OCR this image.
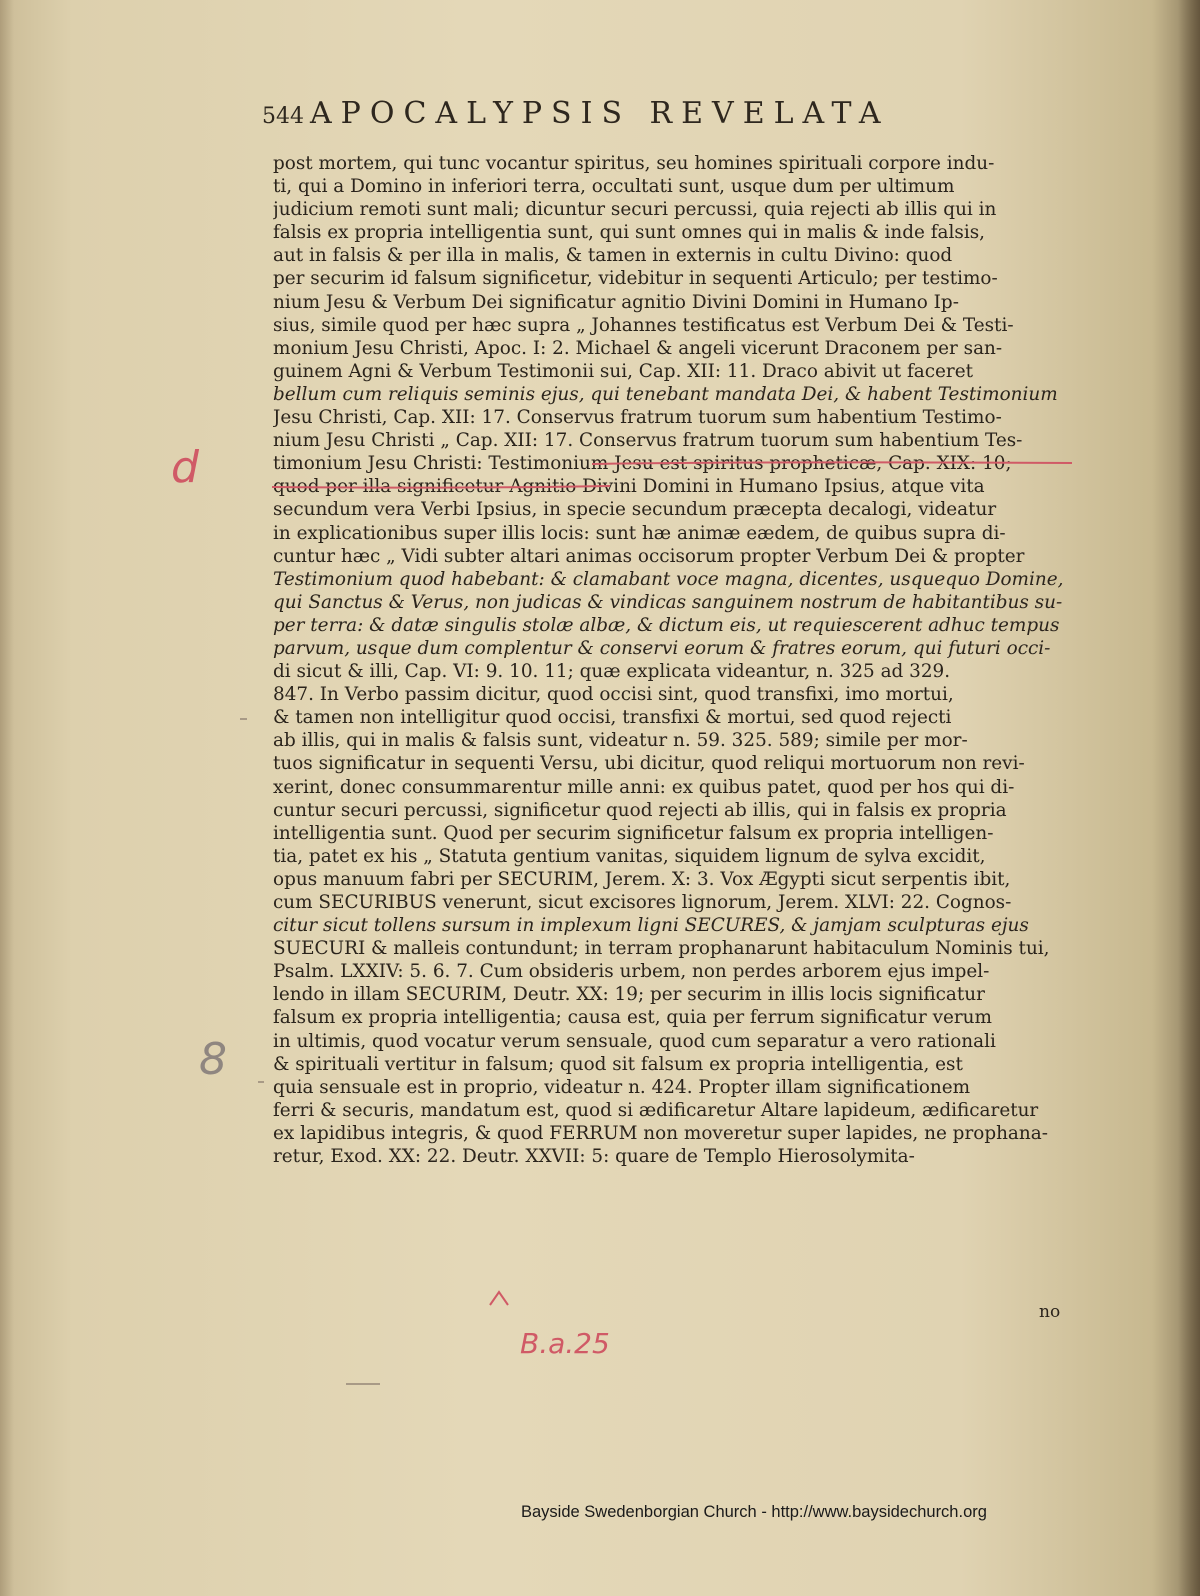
544 APOCALYPSIS REVELATA
post mortem, qui tunc vocantur spiritus, seu homines spirituali corpore indu-
ti, qui a Domino in inferiori terra, occultati sunt, usque dum per ultimum
judicium remoti sunt mali; dicuntur securi percussi, quia rejecti ab illis qui in
falsis ex propria intelligentia sunt, qui sunt omnes qui in malis & inde falsis,
aut in falsis & per illa in malis, & tamen in externis in cultu Divino: quod
per securim id falsum significetur, videbitur in sequenti Articulo; per testimo-
nium Jesu & Verbum Dei significatur agnitio Divini Domini in Humano Ip-
sius, simile quod per hæc supra „ Johannes testificatus est Verbum Dei & Testi-
monium Jesu Christi, Apoc. I: 2. Michael & angeli vicerunt Draconem per san-
guinem Agni & Verbum Testimonii sui, Cap. XII: 11. Draco abivit ut faceret
bellum cum reliquis seminis ejus, qui tenebant mandata Dei, & habent Testimonium
Jesu Christi, Cap. XII: 17. Conservus fratrum tuorum sum habentium Testimo-
nium Jesu Christi „ Cap. XII: 17. Conservus fratrum tuorum sum habentium Tes-
timonium Jesu Christi: Testimonium Jesu est spiritus propheticæ, Cap. XIX: 10;
quod per illa significetur Agnitio Divini Domini in Humano Ipsius, atque vita
secundum vera Verbi Ipsius, in specie secundum præcepta decalogi, videatur
in explicationibus super illis locis: sunt hæ animæ eædem, de quibus supra di-
cuntur hæc „ Vidi subter altari animas occisorum propter Verbum Dei & propter
Testimonium quod habebant: & clamabant voce magna, dicentes, usquequo Domine,
qui Sanctus & Verus, non judicas & vindicas sanguinem nostrum de habitantibus su-
per terra: & datæ singulis stolæ albæ, & dictum eis, ut requiescerent adhuc tempus
parvum, usque dum complentur & conservi eorum & fratres eorum, qui futuri occi-
di sicut & illi, Cap. VI: 9. 10. 11; quæ explicata videantur, n. 325 ad 329.
847. In Verbo passim dicitur, quod occisi sint, quod transfixi, imo mortui,
& tamen non intelligitur quod occisi, transfixi & mortui, sed quod rejecti
ab illis, qui in malis & falsis sunt, videatur n. 59. 325. 589; simile per mor-
tuos significatur in sequenti Versu, ubi dicitur, quod reliqui mortuorum non revi-
xerint, donec consummarentur mille anni: ex quibus patet, quod per hos qui di-
cuntur securi percussi, significetur quod rejecti ab illis, qui in falsis ex propria
intelligentia sunt. Quod per securim significetur falsum ex propria intelligen-
tia, patet ex his „ Statuta gentium vanitas, siquidem lignum de sylva excidit,
opus manuum fabri per SECURIM, Jerem. X: 3. Vox Ægypti sicut serpentis ibit,
cum SECURIBUS venerunt, sicut excisores lignorum, Jerem. XLVI: 22. Cognos-
citur sicut tollens sursum in implexum ligni SECURES, & jamjam sculpturas ejus
SUECURI & malleis contundunt; in terram prophanarunt habitaculum Nominis tui,
Psalm. LXXIV: 5. 6. 7. Cum obsideris urbem, non perdes arborem ejus impel-
lendo in illam SECURIM, Deutr. XX: 19; per securim in illis locis significatur
falsum ex propria intelligentia; causa est, quia per ferrum significatur verum
in ultimis, quod vocatur verum sensuale, quod cum separatur a vero rationali
& spirituali vertitur in falsum; quod sit falsum ex propria intelligentia, est
quia sensuale est in proprio, videatur n. 424. Propter illam significationem
ferri & securis, mandatum est, quod si ædificaretur Altare lapideum, ædificaretur
ex lapidibus integris, & quod FERRUM non moveretur super lapides, ne prophana-
retur, Exod. XX: 22. Deutr. XXVII: 5: quare de Templo Hierosolymita-
no
d
8
B.a.25
Bayside Swedenborgian Church - http://www.baysidechurch.org
